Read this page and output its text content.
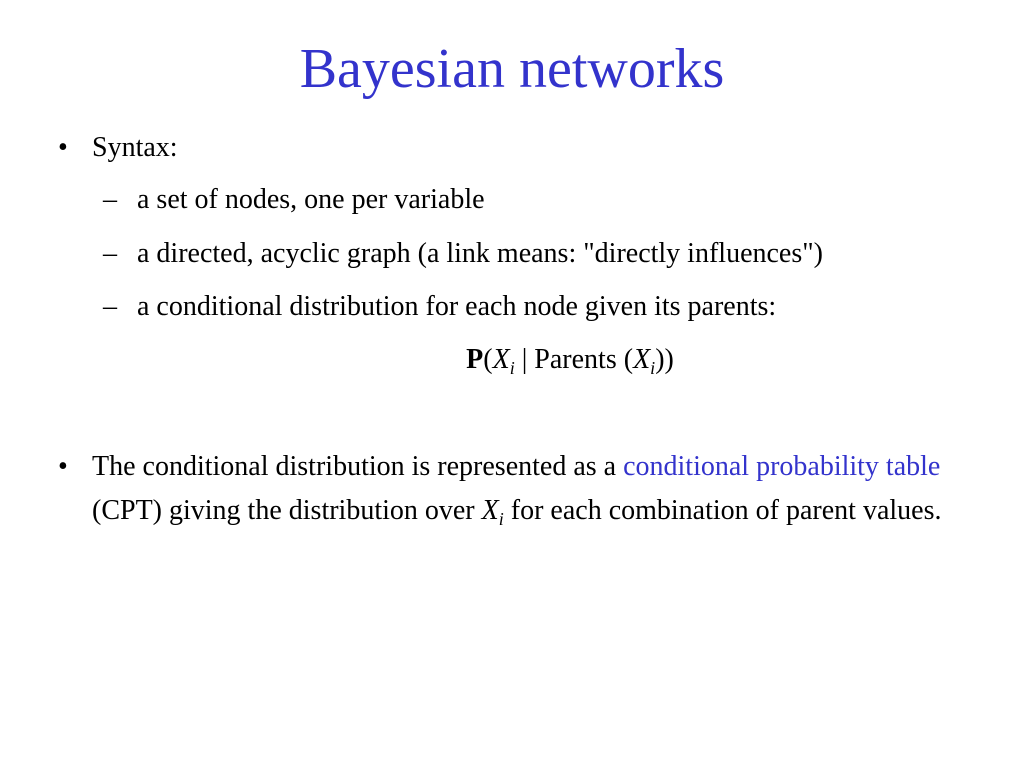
Bayesian networks
• Syntax:
– a set of nodes, one per variable
– a directed, acyclic graph (a link means: "directly influences")
– a conditional distribution for each node given its parents:
$P(X_i$ | Parents $(X_i)$)
• The conditional distribution is represented as a conditional probability table (CPT) giving the distribution over $X_i$ for each combination of parent values.
